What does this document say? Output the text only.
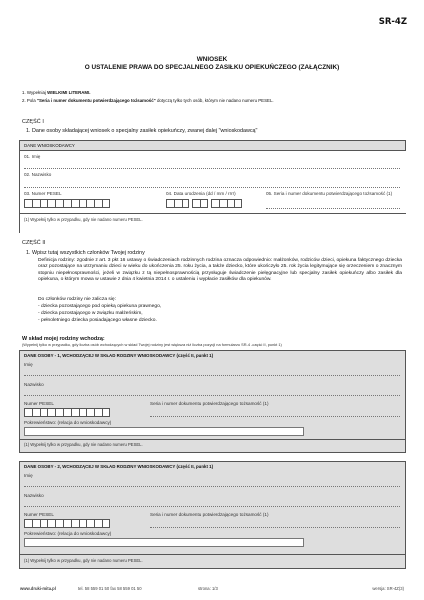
SR-4Z
WNIOSEK
O USTALENIE PRAWA DO SPECJALNEGO ZASIŁKU OPIEKUŃCZEGO (ZAŁĄCZNIK)
1. Wypełniaj WIELKIMI LITERAMI.
2. Pola "Seria i numer dokumentu potwierdzającego tożsamość" dotyczą tylko tych osób, którym nie nadano numeru PESEL.
CZĘŚĆ I
1. Dane osoby składającej wniosek o specjalny zasiłek opiekuńczy, zwanej dalej "wnioskodawcą"
DANE WNIOSKODAWCY
01. Imię
02. Nazwisko
03. Numer PESEL	04. Data urodzenia (dd / mm / rrrr)	05. Seria i numer dokumentu potwierdzającego tożsamość (1)
(1) Wypełnij tylko w przypadku, gdy nie nadano numeru PESEL.
CZĘŚĆ II
1. Wpisz tutaj wszystkich członków Twojej rodziny
Definicja rodziny: zgodnie z art. 3 pkt 16 ustawy o świadczeniach rodzinnych rodzina oznacza odpowiednio: małżonków, rodziców dzieci, opiekuna faktycznego dziecka oraz pozostające na utrzymaniu dzieci w wieku do ukończenia 25. roku życia, a także dziecko, które ukończyło 25. rok życia legitymujące się orzeczeniem o znacznym stopniu niepełnosprawności, jeżeli w związku z tą niepełnosprawnością przysługuje świadczenie pielęgnacyjne lub specjalny zasiłek opiekuńczy albo zasiłek dla opiekuna, o którym mowa w ustawie z dnia 4 kwietnia 2014 r. o ustaleniu i wypłacie zasiłków dla opiekunów.
Do członków rodziny nie zalicza się:
- dziecka pozostającego pod opieką opiekuna prawnego,
- dziecka pozostającego w związku małżeńskim,
- pełnoletniego dziecka posiadającego własne dziecko.
W skład mojej rodziny wchodzą:
(Wypełnij tylko w przypadku, gdy liczba osób wchodzących w skład Twojej rodziny jest większa niż liczba pozycji na formularzu SR-4 -część II, punkt 1)
DANE OSOBY - 1, WCHODZĄCEJ W SKŁAD RODZINY WNIOSKODAWCY (część II, punkt 1)
Imię
Nazwisko
Numer PESEL	Seria i numer dokumentu potwierdzającego tożsamość (1)
Pokrewieństwo: (relacja do wnioskodawcy)
(1) Wypełnij tylko w przypadku, gdy nie nadano numeru PESEL.
DANE OSOBY - 2, WCHODZĄCEJ W SKŁAD RODZINY WNIOSKODAWCY (część II, punkt 1)
Imię
Nazwisko
Numer PESEL	Seria i numer dokumentu potwierdzającego tożsamość (1)
Pokrewieństwo: (relacja do wnioskodawcy)
(1) Wypełnij tylko w przypadku, gdy nie nadano numeru PESEL.
www.druki-mita.pl	tel. 58 559 01 50 fax 58 559 01 50	strona: 1/3	wersja: SR-4Z(3)
